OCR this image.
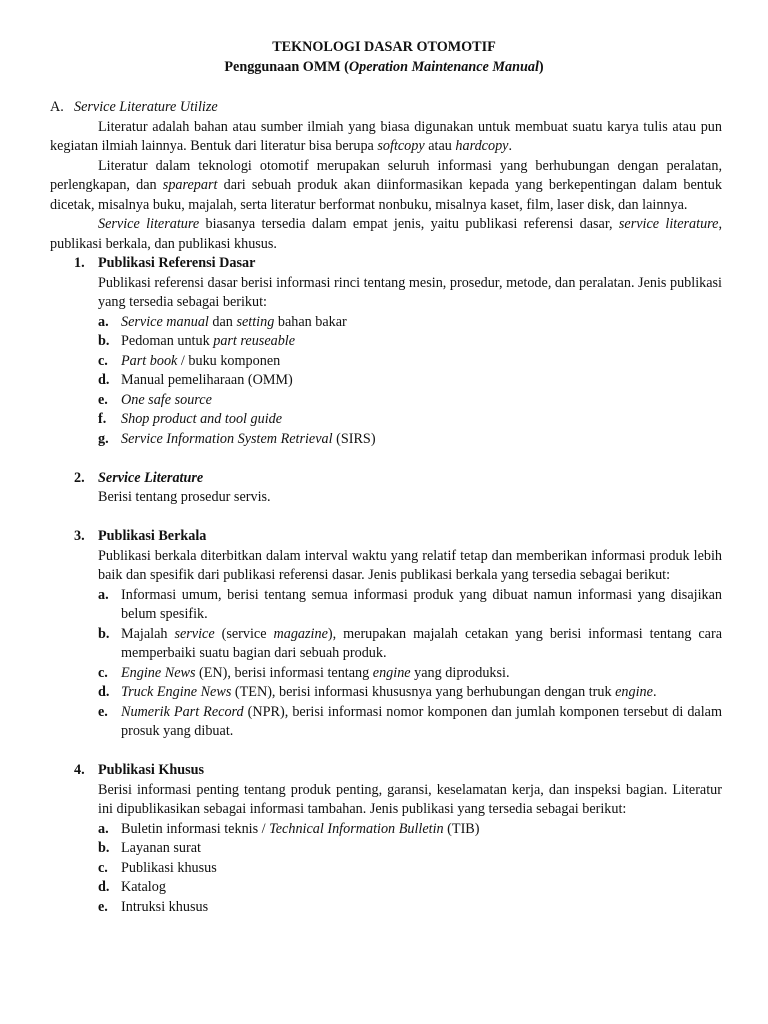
TEKNOLOGI DASAR OTOMOTIF
Penggunaan OMM (Operation Maintenance Manual)
A. Service Literature Utilize

Literatur adalah bahan atau sumber ilmiah yang biasa digunakan untuk membuat suatu karya tulis atau pun kegiatan ilmiah lainnya. Bentuk dari literatur bisa berupa softcopy atau hardcopy.

Literatur dalam teknologi otomotif merupakan seluruh informasi yang berhubungan dengan peralatan, perlengkapan, dan sparepart dari sebuah produk akan diinformasikan kepada yang berkepentingan dalam bentuk dicetak, misalnya buku, majalah, serta literatur berformat nonbuku, misalnya kaset, film, laser disk, dan lainnya.

Service literature biasanya tersedia dalam empat jenis, yaitu publikasi referensi dasar, service literature, publikasi berkala, dan publikasi khusus.

1. Publikasi Referensi Dasar

Publikasi referensi dasar berisi informasi rinci tentang mesin, prosedur, metode, dan peralatan. Jenis publikasi yang tersedia sebagai berikut:

a. Service manual dan setting bahan bakar
b. Pedoman untuk part reuseable
c. Part book / buku komponen
d. Manual pemeliharaan (OMM)
e. One safe source
f. Shop product and tool guide
g. Service Information System Retrieval (SIRS)
2. Service Literature

Berisi tentang prosedur servis.

3. Publikasi Berkala

Publikasi berkala diterbitkan dalam interval waktu yang relatif tetap dan memberikan informasi produk lebih baik dan spesifik dari publikasi referensi dasar. Jenis publikasi berkala yang tersedia sebagai berikut:

a. Informasi umum, berisi tentang semua informasi produk yang dibuat namun informasi yang disajikan belum spesifik.
b. Majalah service (service magazine), merupakan majalah cetakan yang berisi informasi tentang cara memperbaiki suatu bagian dari sebuah produk.
c. Engine News (EN), berisi informasi tentang engine yang diproduksi.
d. Truck Engine News (TEN), berisi informasi khususnya yang berhubungan dengan truk engine.
e. Numerik Part Record (NPR), berisi informasi nomor komponen dan jumlah komponen tersebut di dalam prosuk yang dibuat.
4. Publikasi Khusus

Berisi informasi penting tentang produk penting, garansi, keselamatan kerja, dan inspeksi bagian. Literatur ini dipublikasikan sebagai informasi tambahan. Jenis publikasi yang tersedia sebagai berikut:

a. Buletin informasi teknis / Technical Information Bulletin (TIB)
b. Layanan surat
c. Publikasi khusus
d. Katalog
e. Intruksi khusus
